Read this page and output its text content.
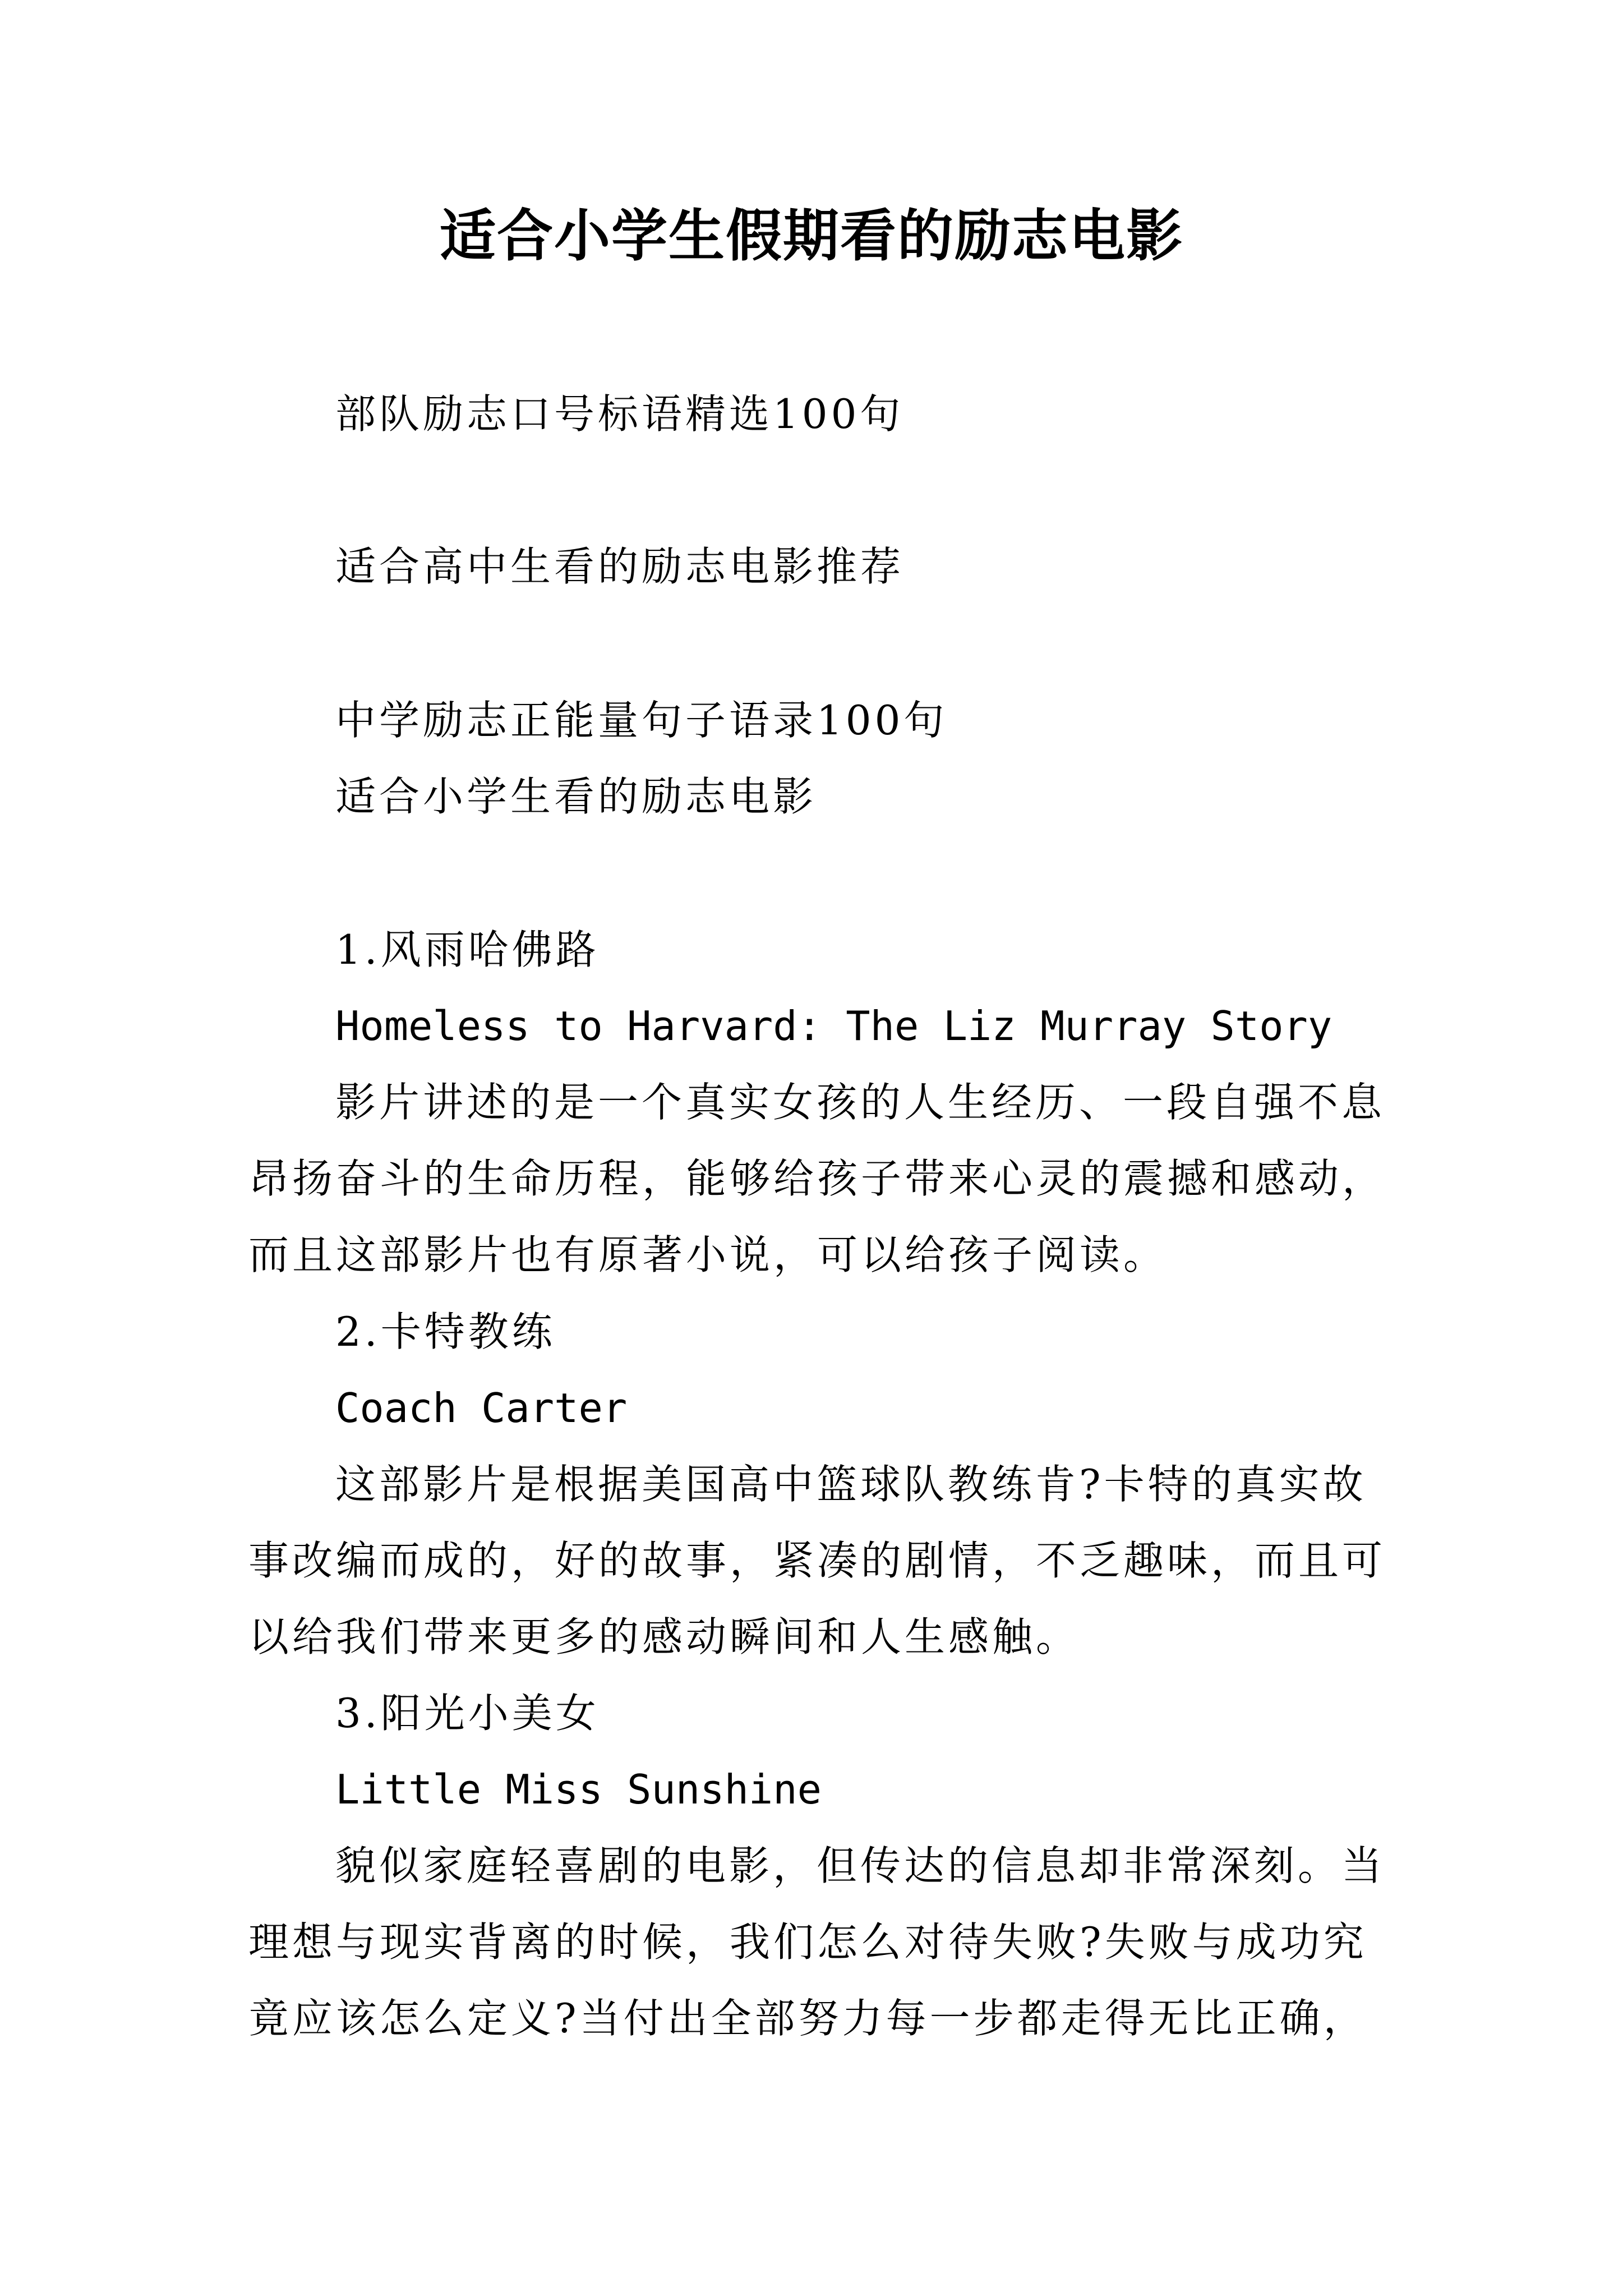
适合小学生假期看的励志电影
部队励志口号标语精选100句
适合高中生看的励志电影推荐
中学励志正能量句子语录100句
适合小学生看的励志电影
1.风雨哈佛路
Homeless to Harvard: The Liz Murray Story
影片讲述的是一个真实女孩的人生经历、一段自强不息
昂扬奋斗的生命历程，能够给孩子带来心灵的震撼和感动，
而且这部影片也有原著小说，可以给孩子阅读。
2.卡特教练
Coach Carter
这部影片是根据美国高中篮球队教练肯?卡特的真实故
事改编而成的，好的故事，紧凑的剧情，不乏趣味，而且可
以给我们带来更多的感动瞬间和人生感触。
3.阳光小美女
Little Miss Sunshine
貌似家庭轻喜剧的电影，但传达的信息却非常深刻。当
理想与现实背离的时候，我们怎么对待失败?失败与成功究
竟应该怎么定义?当付出全部努力每一步都走得无比正确，
